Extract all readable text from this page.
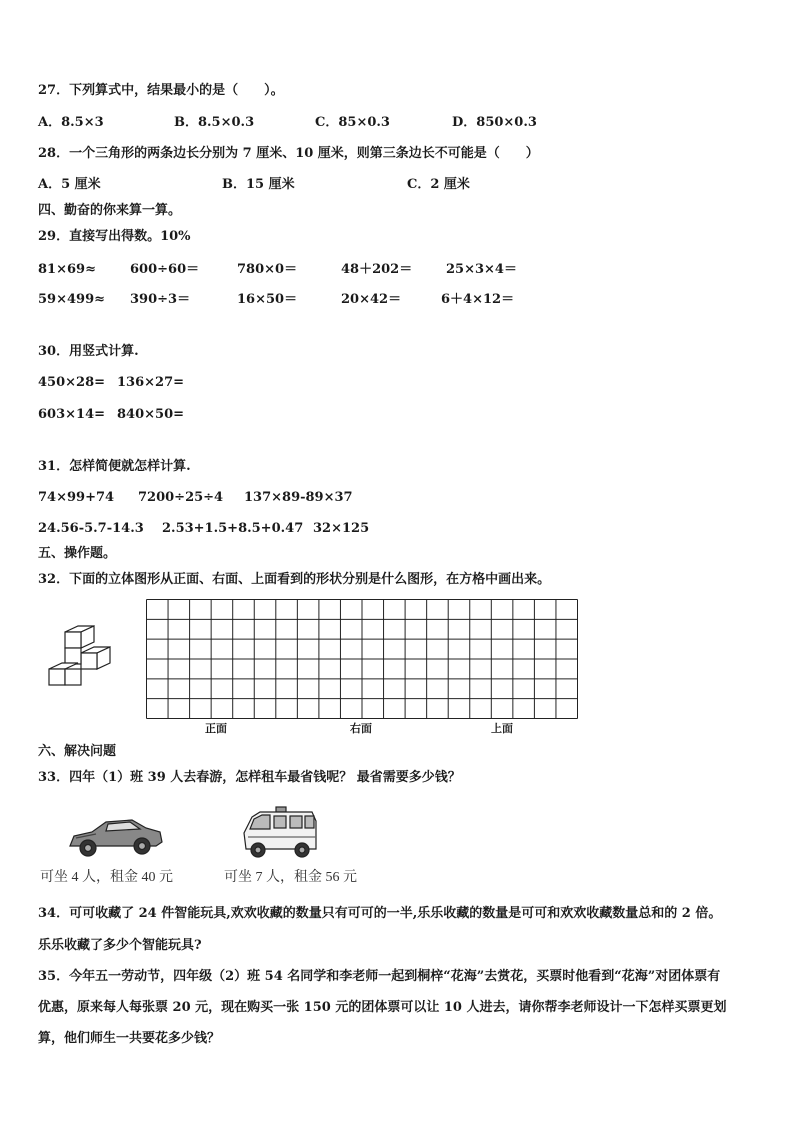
27．下列算式中，结果最小的是（　　）。
A．8.5×3	B．8.5×0.3	C．85×0.3	D．850×0.3
28．一个三角形的两条边长分别为 7 厘米、10 厘米，则第三条边长不可能是（　　）
A．5 厘米	B．15 厘米	C．2 厘米
四、勤奋的你来算一算。
29．直接写出得数。10%
81×69≈	600÷60＝	780×0＝	48＋202＝	25×3×4＝
59×499≈ 390÷3＝	16×50＝	20×42＝	6＋4×12＝
30．用竖式计算.
450×28= 136×27=
603×14= 840×50=
31．怎样简便就怎样计算.
74×99+74 7200÷25÷4 137×89-89×37
24.56-5.7-14.3 2.53+1.5+8.5+0.47 32×125
五、操作题。
32．下面的立体图形从正面、右面、上面看到的形状分别是什么图形，在方格中画出来。
正面	右面	上面
六、解决问题
33．四年（1）班 39 人去春游，怎样租车最省钱呢？ 最省需要多少钱？
可坐 4 人，租金 40 元	可坐 7 人，租金 56 元
34．可可收藏了 24 件智能玩具,欢欢收藏的数量只有可可的一半,乐乐收藏的数量是可可和欢欢收藏数量总和的 2 倍。
乐乐收藏了多少个智能玩具?
35．今年五一劳动节，四年级（2）班 54 名同学和李老师一起到桐梓“花海”去赏花，买票时他看到“花海”对团体票有
优惠，原来每人每张票 20 元，现在购买一张 150 元的团体票可以让 10 人进去，请你帮李老师设计一下怎样买票更划
算，他们师生一共要花多少钱？
